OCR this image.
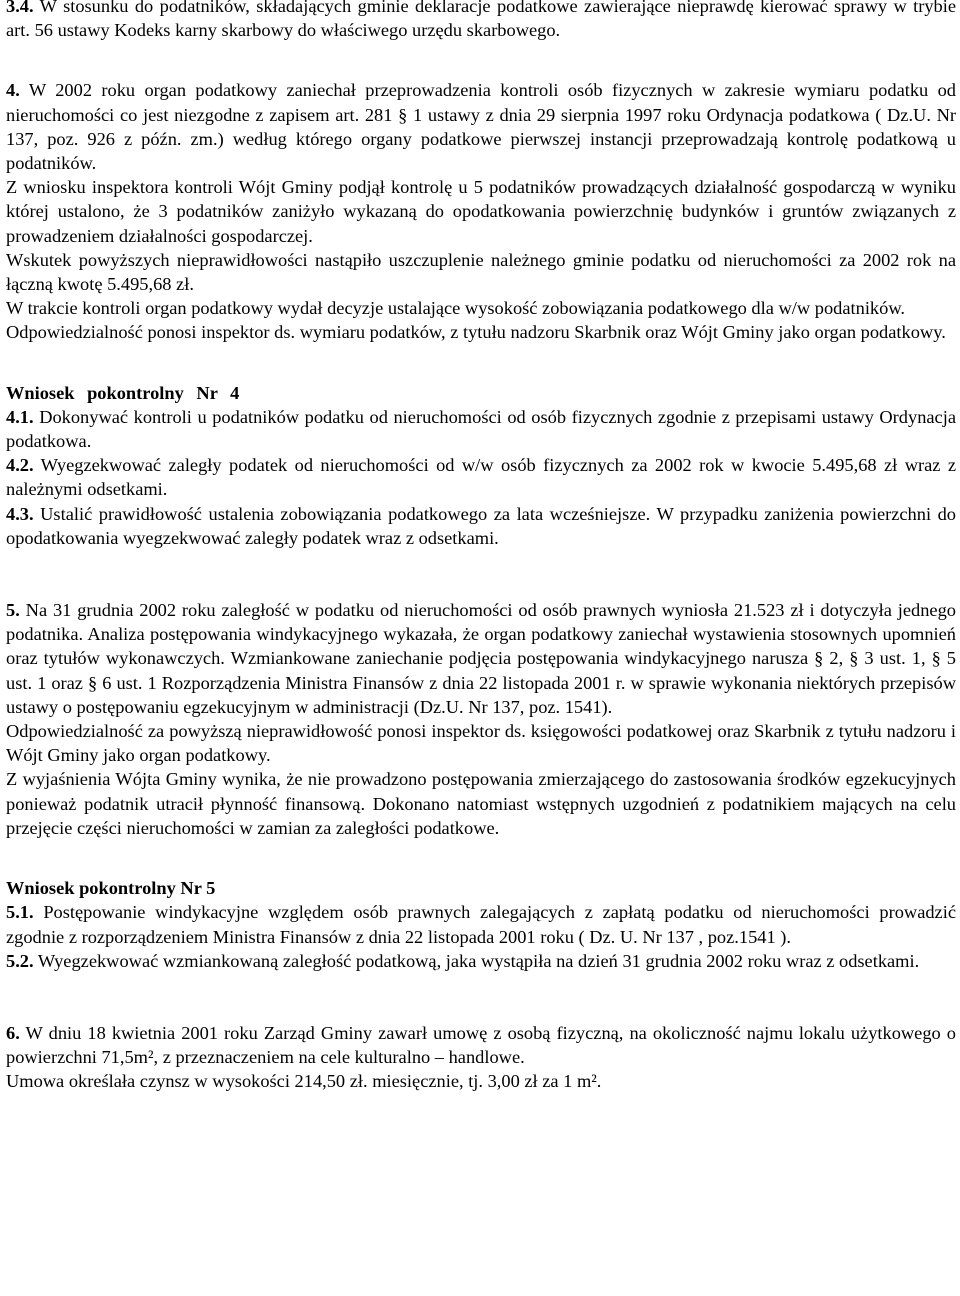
3.4. W stosunku do podatników, składających gminie deklaracje podatkowe zawierające nieprawdę kierować sprawy w trybie art. 56 ustawy Kodeks karny skarbowy do właściwego urzędu skarbowego.

4. W 2002 roku organ podatkowy zaniechał przeprowadzenia kontroli osób fizycznych w zakresie wymiaru podatku od nieruchomości co jest niezgodne z zapisem art. 281 § 1 ustawy z dnia 29 sierpnia 1997 roku Ordynacja podatkowa ( Dz.U. Nr 137, poz. 926 z późn. zm.) według którego organy podatkowe pierwszej instancji przeprowadzają kontrolę podatkową u podatników.

Z wniosku inspektora kontroli Wójt Gminy podjął kontrolę u 5 podatników prowadzących działalność gospodarczą w wyniku której ustalono, że 3 podatników zaniżyło wykazaną do opodatkowania powierzchnię budynków i gruntów związanych z prowadzeniem działalności gospodarczej.

Wskutek powyższych nieprawidłowości nastąpiło uszczuplenie należnego gminie podatku od nieruchomości za 2002 rok na łączną kwotę 5.495,68 zł.

W trakcie kontroli organ podatkowy wydał decyzje ustalające wysokość zobowiązania podatkowego dla w/w podatników.

Odpowiedzialność ponosi inspektor ds. wymiaru podatków, z tytułu nadzoru Skarbnik oraz Wójt Gminy jako organ podatkowy.

Wniosek pokontrolny Nr 4

4.1. Dokonywać kontroli u podatników podatku od nieruchomości od osób fizycznych zgodnie z przepisami ustawy Ordynacja podatkowa.

4.2. Wyegzekwować zaległy podatek od nieruchomości od w/w osób fizycznych za 2002 rok w kwocie 5.495,68 zł wraz z należnymi odsetkami.

4.3. Ustalić prawidłowość ustalenia zobowiązania podatkowego za lata wcześniejsze. W przypadku zaniżenia powierzchni do opodatkowania wyegzekwować zaległy podatek wraz z odsetkami.

5. Na 31 grudnia 2002 roku zaległość w podatku od nieruchomości od osób prawnych wyniosła 21.523 zł i dotyczyła jednego podatnika. Analiza postępowania windykacyjnego wykazała, że organ podatkowy zaniechał wystawienia stosownych upomnień oraz tytułów wykonawczych. Wzmiankowane zaniechanie podjęcia postępowania windykacyjnego narusza § 2, § 3 ust. 1, § 5 ust. 1 oraz § 6 ust. 1 Rozporządzenia Ministra Finansów z dnia 22 listopada 2001 r. w sprawie wykonania niektórych przepisów ustawy o postępowaniu egzekucyjnym w administracji (Dz.U. Nr 137, poz. 1541).

Odpowiedzialność za powyższą nieprawidłowość ponosi inspektor ds. księgowości podatkowej oraz Skarbnik z tytułu nadzoru i Wójt Gminy jako organ podatkowy.

Z wyjaśnienia Wójta Gminy wynika, że nie prowadzono postępowania zmierzającego do zastosowania środków egzekucyjnych ponieważ podatnik utracił płynność finansową. Dokonano natomiast wstępnych uzgodnień z podatnikiem mających na celu przejęcie części nieruchomości w zamian za zaległości podatkowe.

Wniosek pokontrolny Nr 5

5.1. Postępowanie windykacyjne względem osób prawnych zalegających z zapłatą podatku od nieruchomości prowadzić zgodnie z rozporządzeniem Ministra Finansów z dnia 22 listopada 2001 roku ( Dz. U. Nr 137 , poz.1541 ).

5.2. Wyegzekwować wzmiankowaną zaległość podatkową, jaka wystąpiła na dzień 31 grudnia 2002 roku wraz z odsetkami.

6. W dniu 18 kwietnia 2001 roku Zarząd Gminy zawarł umowę z osobą fizyczną, na okoliczność najmu lokalu użytkowego o powierzchni 71,5m², z przeznaczeniem na cele kulturalno – handlowe.

Umowa określała czynsz w wysokości 214,50 zł. miesięcznie, tj. 3,00 zł za 1 m².
